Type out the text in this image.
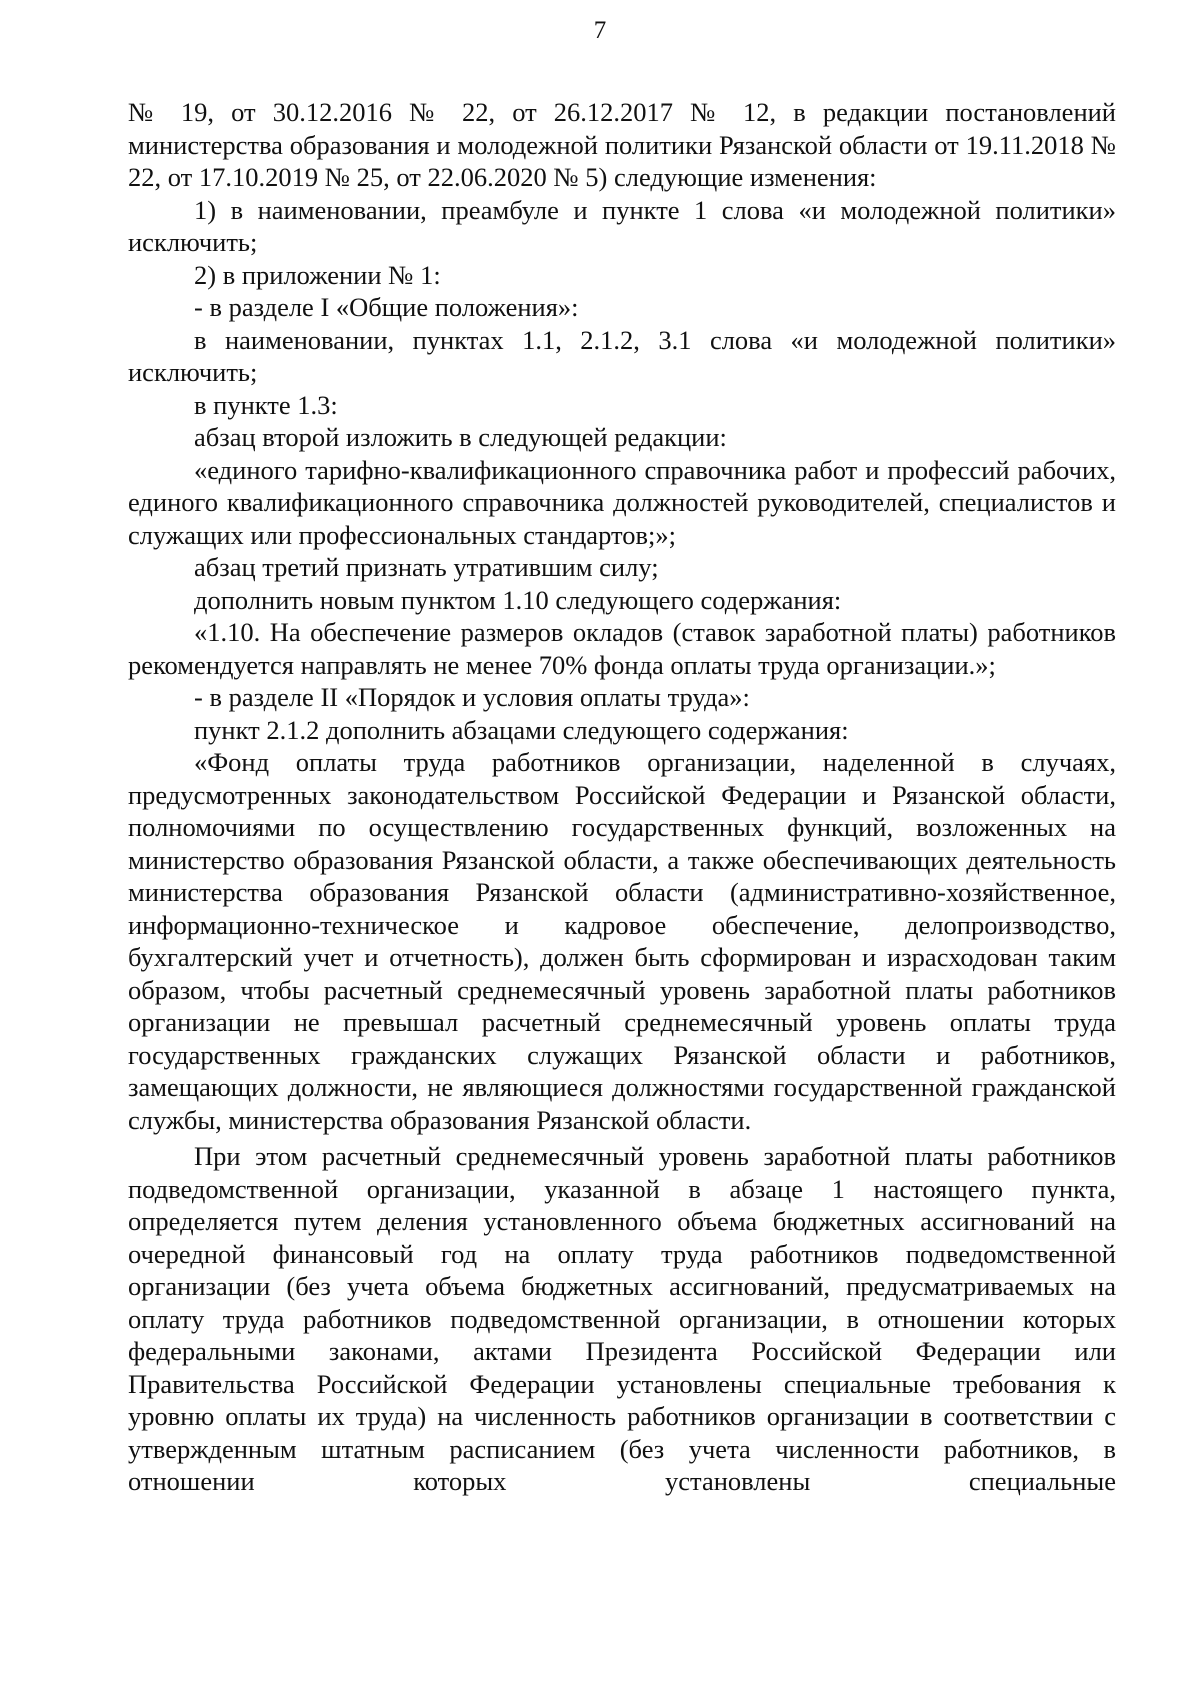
7

№ 19, от 30.12.2016 № 22, от 26.12.2017 № 12, в редакции постановлений министерства образования и молодежной политики Рязанской области от 19.11.2018 № 22, от 17.10.2019 № 25, от 22.06.2020 № 5) следующие изменения:

1) в наименовании, преамбуле и пункте 1 слова «и молодежной политики» исключить;

2) в приложении № 1:

- в разделе I «Общие положения»:

в наименовании, пунктах 1.1, 2.1.2, 3.1 слова «и молодежной политики» исключить;

в пункте 1.3:

абзац второй изложить в следующей редакции:

«единого тарифно-квалификационного справочника работ и профессий рабочих, единого квалификационного справочника должностей руководителей, специалистов и служащих или профессиональных стандартов;»;

абзац третий признать утратившим силу;

дополнить новым пунктом 1.10 следующего содержания:

«1.10. На обеспечение размеров окладов (ставок заработной платы) работников рекомендуется направлять не менее 70% фонда оплаты труда организации.»;

- в разделе II «Порядок и условия оплаты труда»:

пункт 2.1.2 дополнить абзацами следующего содержания:

«Фонд оплаты труда работников организации, наделенной в случаях, предусмотренных законодательством Российской Федерации и Рязанской области, полномочиями по осуществлению государственных функций, возложенных на министерство образования Рязанской области, а также обеспечивающих деятельность министерства образования Рязанской области (административно-хозяйственное, информационно-техническое и кадровое обеспечение, делопроизводство, бухгалтерский учет и отчетность), должен быть сформирован и израсходован таким образом, чтобы расчетный среднемесячный уровень заработной платы работников организации не превышал расчетный среднемесячный уровень оплаты труда государственных гражданских служащих Рязанской области и работников, замещающих должности, не являющиеся должностями государственной гражданской службы, министерства образования Рязанской области.

При этом расчетный среднемесячный уровень заработной платы работников подведомственной организации, указанной в абзаце 1 настоящего пункта, определяется путем деления установленного объема бюджетных ассигнований на очередной финансовый год на оплату труда работников подведомственной организации (без учета объема бюджетных ассигнований, предусматриваемых на оплату труда работников подведомственной организации, в отношении которых федеральными законами, актами Президента Российской Федерации или Правительства Российской Федерации установлены специальные требования к уровню оплаты их труда) на численность работников организации в соответствии с утвержденным штатным расписанием (без учета численности работников, в отношении которых установлены специальные
